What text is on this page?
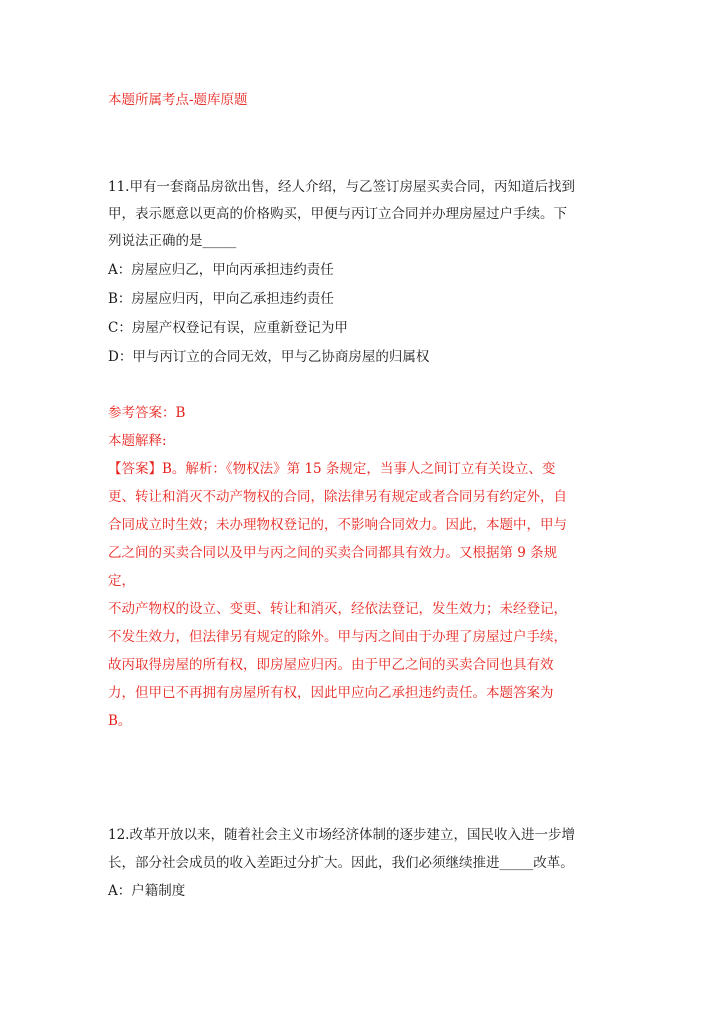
本题所属考点-题库原题
11.甲有一套商品房欲出售，经人介绍，与乙签订房屋买卖合同，丙知道后找到
甲，表示愿意以更高的价格购买，甲便与丙订立合同并办理房屋过户手续。下
列说法正确的是_____
A：房屋应归乙，甲向丙承担违约责任
B：房屋应归丙，甲向乙承担违约责任
C：房屋产权登记有误，应重新登记为甲
D：甲与丙订立的合同无效，甲与乙协商房屋的归属权
参考答案：B
本题解释:
【答案】B。解析：《物权法》第 15 条规定，当事人之间订立有关设立、变
更、转让和消灭不动产物权的合同，除法律另有规定或者合同另有约定外，自
合同成立时生效；未办理物权登记的，不影响合同效力。因此，本题中，甲与
乙之间的买卖合同以及甲与丙之间的买卖合同都具有效力。又根据第 9 条规
定，
不动产物权的设立、变更、转让和消灭，经依法登记，发生效力；未经登记，
不发生效力，但法律另有规定的除外。甲与丙之间由于办理了房屋过户手续，
故丙取得房屋的所有权，即房屋应归丙。由于甲乙之间的买卖合同也具有效
力，但甲已不再拥有房屋所有权，因此甲应向乙承担违约责任。本题答案为
B。
12.改革开放以来，随着社会主义市场经济体制的逐步建立，国民收入进一步增
长，部分社会成员的收入差距过分扩大。因此，我们必须继续推进_____改革。
A：户籍制度
